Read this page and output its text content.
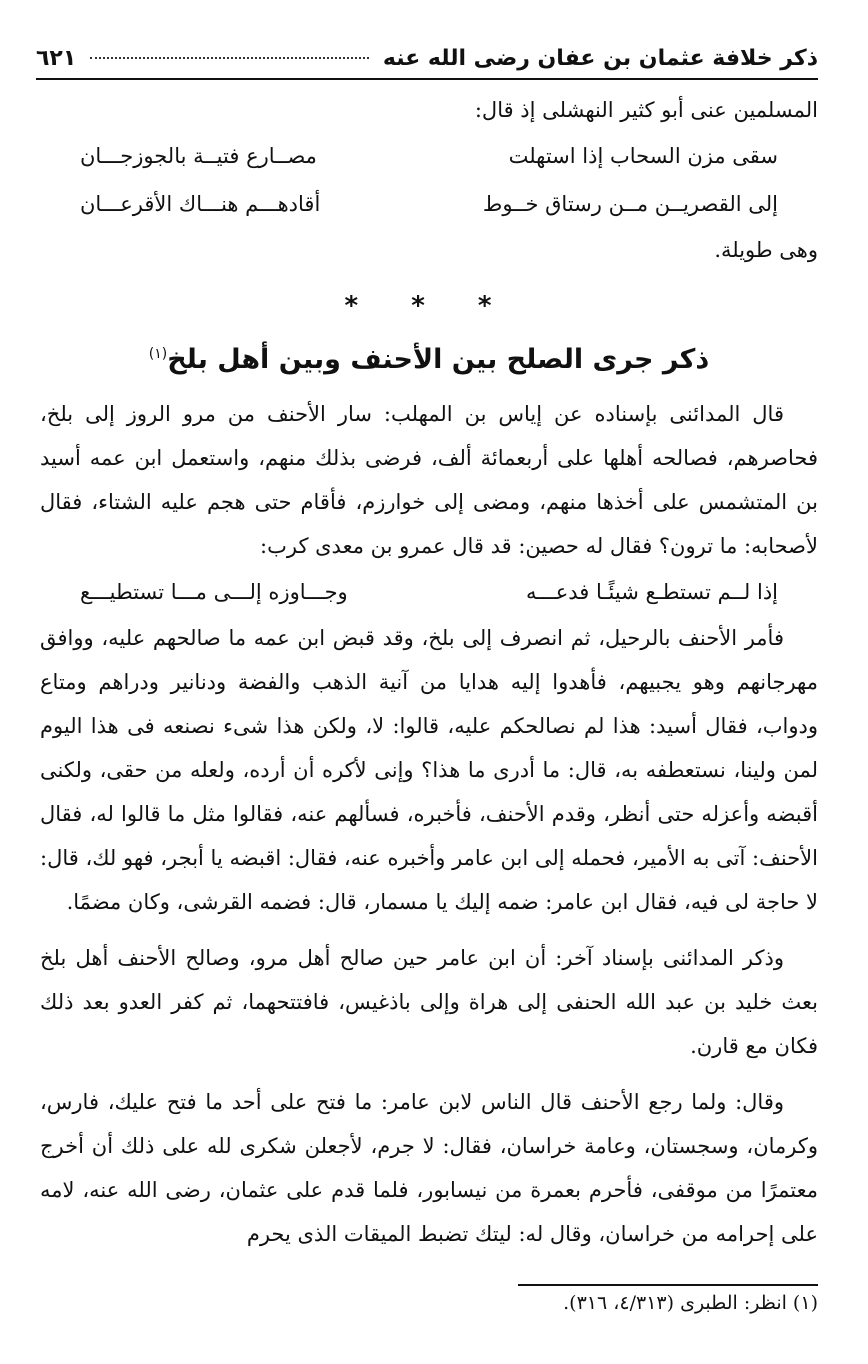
ذكر خلافة عثمان بن عفان رضى الله عنه
٦٢١
المسلمين عنى أبو كثير النهشلى إذ قال:
سقى مزن السحاب إذا استهلت
مصــارع فتيــة بالجوزجـــان
إلى القصريــن مــن رستاق خــوط
أقادهـــم هنـــاك الأقرعـــان
وهى طويلة.
* * *
ذكر جرى الصلح بين الأحنف وبين أهل بلخ$^{(١)}$

قال المدائنى بإسناده عن إياس بن المهلب: سار الأحنف من مرو الروز إلى بلخ، فحاصرهم، فصالحه أهلها على أربعمائة ألف، فرضى بذلك منهم، واستعمل ابن عمه أسيد بن المتشمس على أخذها منهم، ومضى إلى خوارزم، فأقام حتى هجم عليه الشتاء، فقال لأصحابه: ما ترون؟ فقال له حصين: قد قال عمرو بن معدى كرب:

إذا لــم تستطـع شيئًـا فدعـــه
وجـــاوزه إلـــى مـــا تستطيـــع

فأمر الأحنف بالرحيل، ثم انصرف إلى بلخ، وقد قبض ابن عمه ما صالحهم عليه، ووافق مهرجانهم وهو يجبيهم، فأهدوا إليه هدايا من آنية الذهب والفضة ودنانير ودراهم ومتاع ودواب، فقال أسيد: هذا لم نصالحكم عليه، قالوا: لا، ولكن هذا شىء نصنعه فى هذا اليوم لمن ولينا، نستعطفه به، قال: ما أدرى ما هذا؟ وإنى لأكره أن أرده، ولعله من حقى، ولكنى أقبضه وأعزله حتى أنظر، وقدم الأحنف، فأخبره، فسألهم عنه، فقالوا مثل ما قالوا له، فقال الأحنف: آتى به الأمير، فحمله إلى ابن عامر وأخبره عنه، فقال: اقبضه يا أبجر، فهو لك، قال: لا حاجة لى فيه، فقال ابن عامر: ضمه إليك يا مسمار، قال: فضمه القرشى، وكان مضمًا.

وذكر المدائنى بإسناد آخر: أن ابن عامر حين صالح أهل مرو، وصالح الأحنف أهل بلخ بعث خليد بن عبد الله الحنفى إلى هراة وإلى باذغيس، فافتتحهما، ثم كفر العدو بعد ذلك فكان مع قارن.

وقال: ولما رجع الأحنف قال الناس لابن عامر: ما فتح على أحد ما فتح عليك، فارس، وكرمان، وسجستان، وعامة خراسان، فقال: لا جرم، لأجعلن شكرى لله على ذلك أن أخرج معتمرًا من موقفى، فأحرم بعمرة من نيسابور، فلما قدم على عثمان، رضى الله عنه، لامه على إحرامه من خراسان، وقال له: ليتك تضبط الميقات الذى يحرم

(١) انظر: الطبرى (٤/٣١٣، ٣١٦).
